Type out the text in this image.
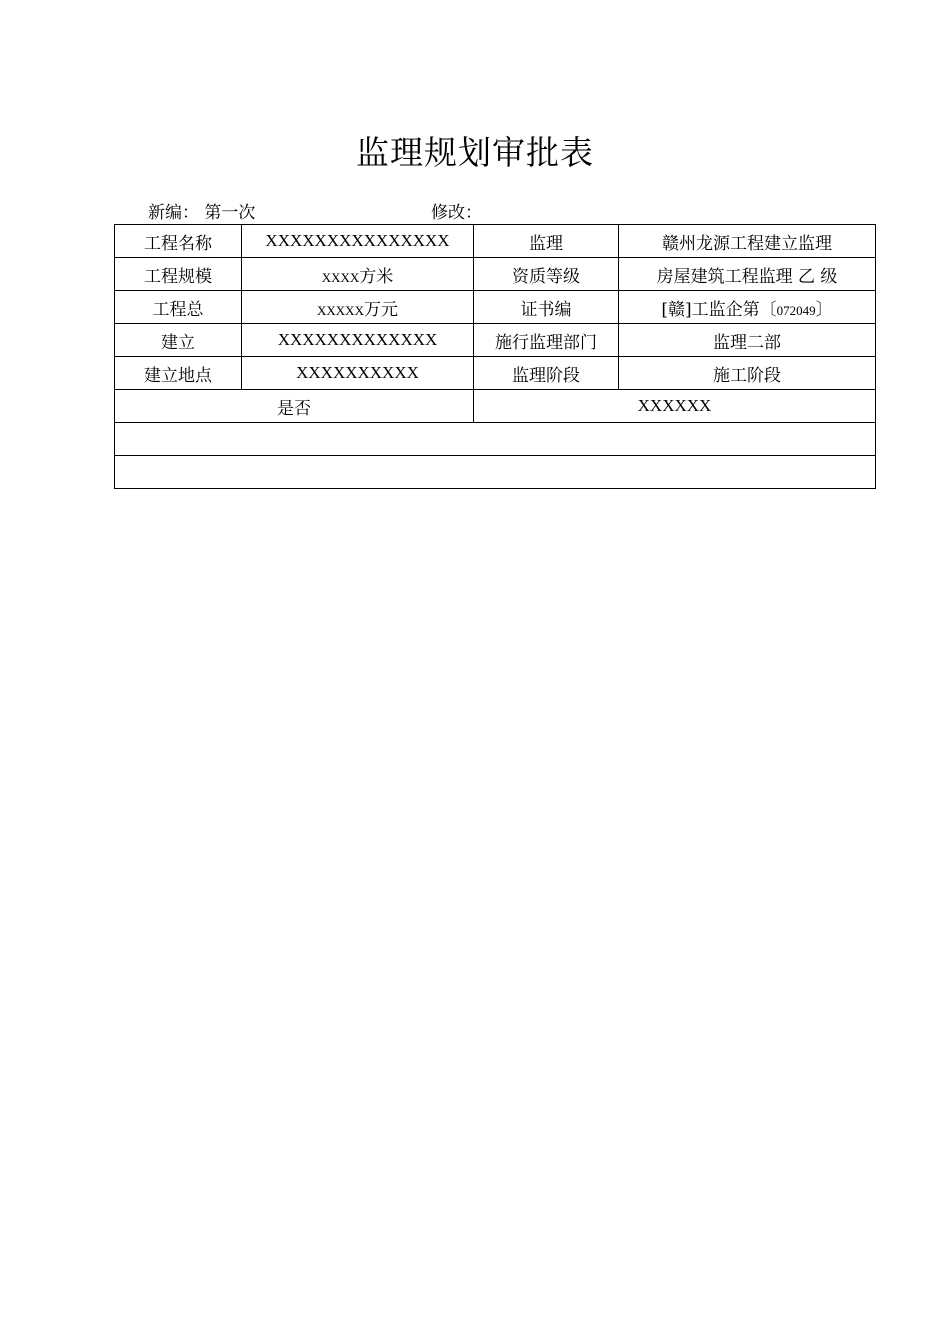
监理规划审批表
新编： 第一次	修改：
工程名称	XXXXXXXXXXXXXXX	监理	赣州龙源工程建立监理
工程规模	XXXX方米	资质等级	房屋建筑工程监理 乙 级
工程总	XXXXX万元	证书编	[赣]工监企第〔072049〕
建立	XXXXXXXXXXXXX	施行监理部门	监理二部
建立地点	XXXXXXXXXX	监理阶段	施工阶段
是否		XXXXXX	
